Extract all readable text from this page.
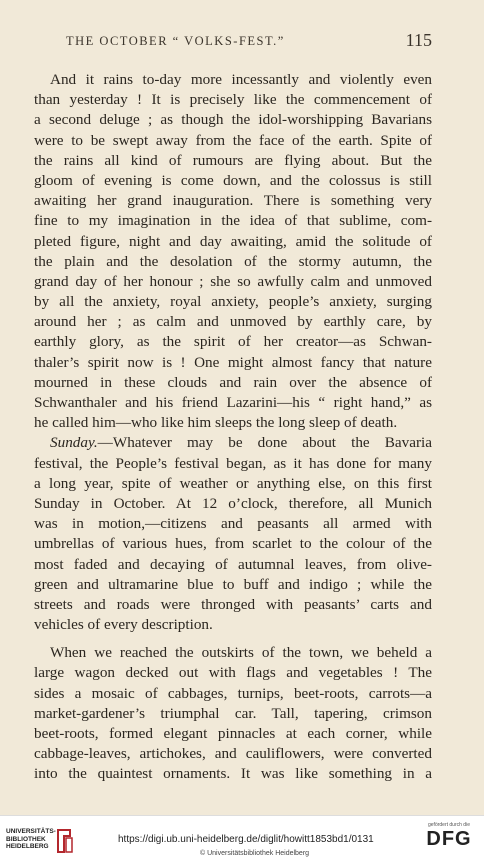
THE OCTOBER “ VOLKS-FEST.”	115
And it rains to-day more incessantly and violently even
than yesterday ! It is precisely like the commencement of
a second deluge ; as though the idol-worshipping Bavarians
were to be swept away from the face of the earth. Spite of
the rains all kind of rumours are flying about. But the
gloom of evening is come down, and the colossus is still
awaiting her grand inauguration. There is something very
fine to my imagination in the idea of that sublime, com-
pleted figure, night and day awaiting, amid the solitude of
the plain and the desolation of the stormy autumn, the
grand day of her honour ; she so awfully calm and unmoved
by all the anxiety, royal anxiety, people’s anxiety, surging
around her ; as calm and unmoved by earthly care, by
earthly glory, as the spirit of her creator—as Schwan-
thaler’s spirit now is ! One might almost fancy that nature
mourned in these clouds and rain over the absence of
Schwanthaler and his friend Lazarini—his “ right hand,” as
he called him—who like him sleeps the long sleep of death.
Sunday.—Whatever may be done about the Bavaria
festival, the People’s festival began, as it has done for many
a long year, spite of weather or anything else, on this first
Sunday in October. At 12 o’clock, therefore, all Munich
was in motion,—citizens and peasants all armed with
umbrellas of various hues, from scarlet to the colour of the
most faded and decaying of autumnal leaves, from olive-
green and ultramarine blue to buff and indigo ; while the
streets and roads were thronged with peasants’ carts and
vehicles of every description.
When we reached the outskirts of the town, we beheld a
large wagon decked out with flags and vegetables ! The
sides a mosaic of cabbages, turnips, beet-roots, carrots—a
market-gardener’s triumphal car. Tall, tapering, crimson
beet-roots, formed elegant pinnacles at each corner, while
cabbage-leaves, artichokes, and cauliflowers, were converted
into the quaintest ornaments. It was like something in a
UNIVERSITÄTS-
BIBLIOTHEK
HEIDELBERG
https://digi.ub.uni-heidelberg.de/diglit/howitt1853bd1/0131
© Universitätsbibliothek Heidelberg
gefördert durch die
DFG
